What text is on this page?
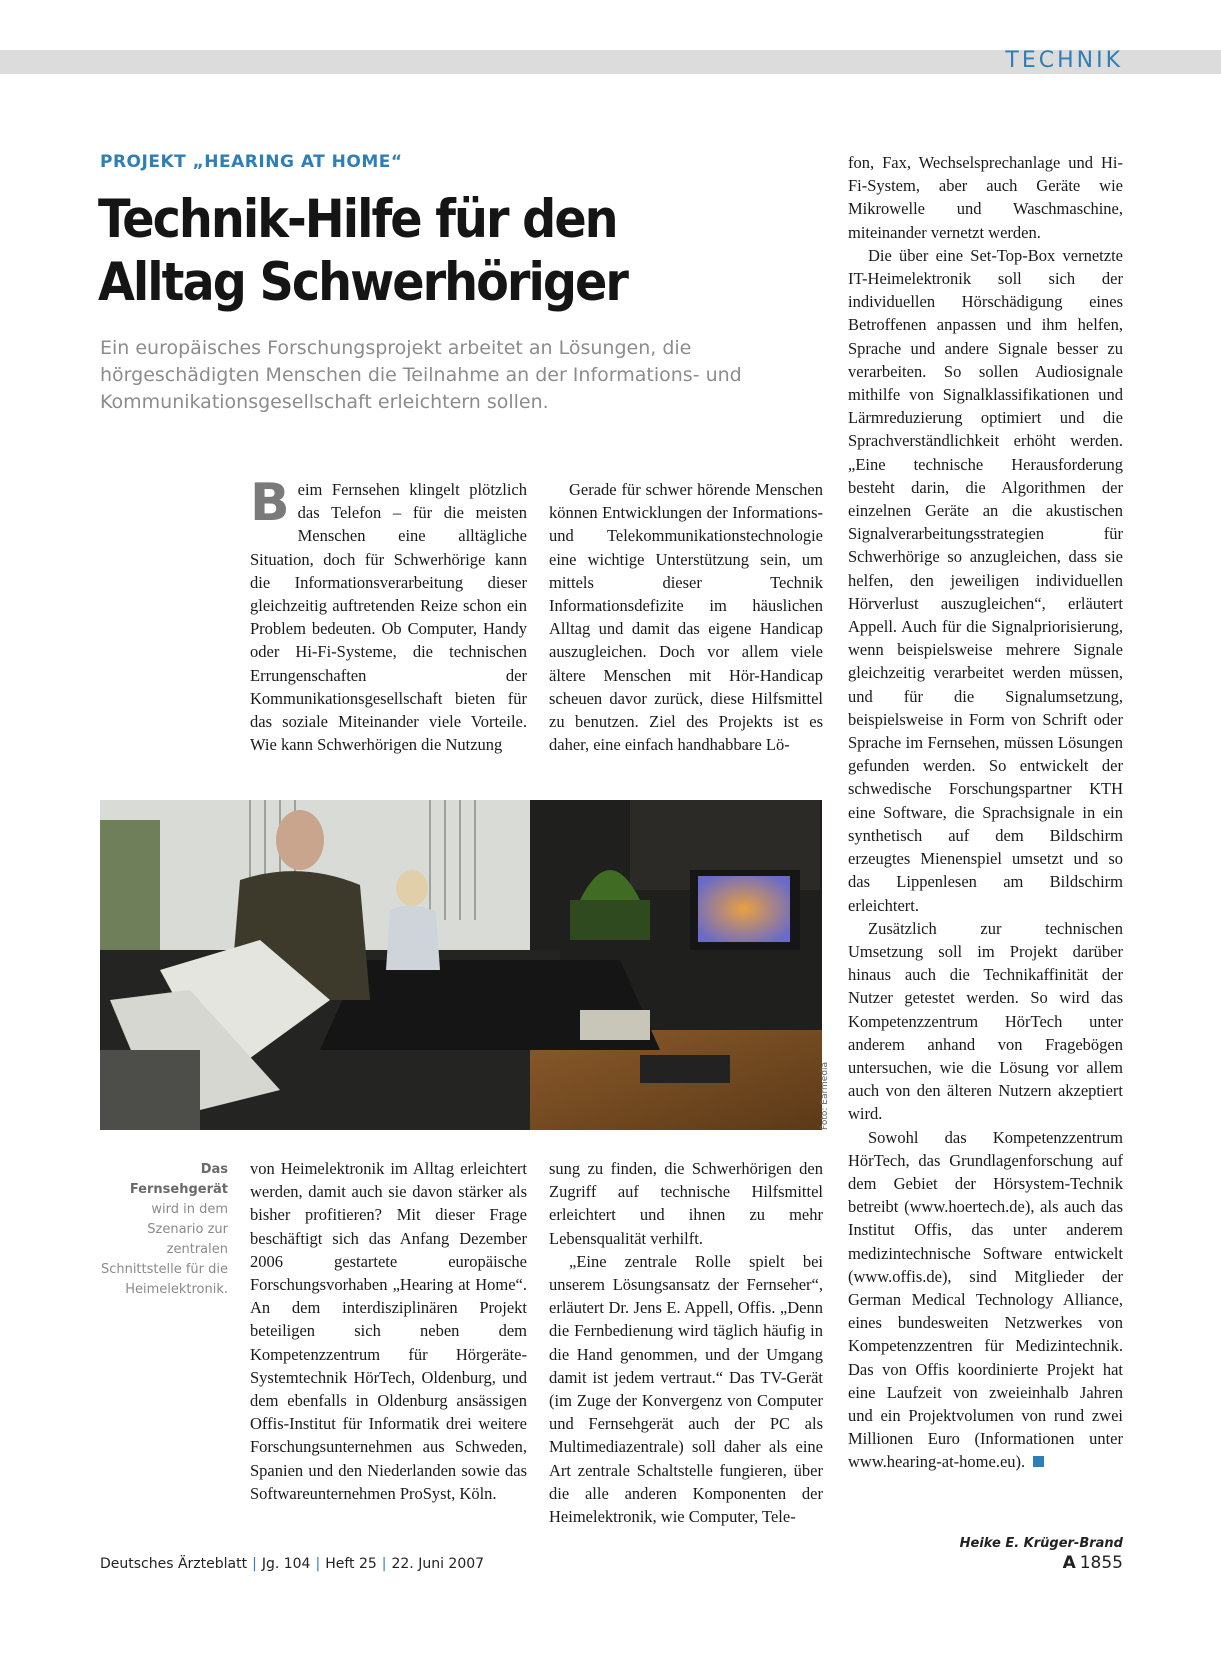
TECHNIK
PROJEKT „HEARING AT HOME“
Technik-Hilfe für den Alltag Schwerhöriger

Ein europäisches Forschungsprojekt arbeitet an Lösungen, die hörgeschädigten Menschen die Teilnahme an der Informations- und Kommunikationsgesellschaft erleichtern sollen.

B eim Fernsehen klingelt plötzlich das Telefon – für die meisten Menschen eine alltägliche Situation, doch für Schwerhörige kann die Informationsverarbeitung dieser gleichzeitig auftretenden Reize schon ein Problem bedeuten. Ob Computer, Handy oder Hi-Fi-Systeme, die technischen Errungenschaften der Kommunikationsgesellschaft bieten für das soziale Miteinander viele Vorteile. Wie kann Schwerhörigen die Nutzung

Gerade für schwer hörende Menschen können Entwicklungen der Informations- und Telekommunikationstechnologie eine wichtige Unterstützung sein, um mittels dieser Technik Informationsdefizite im häuslichen Alltag und damit das eigene Handicap auszugleichen. Doch vor allem viele ältere Menschen mit Hör-Handicap scheuen davor zurück, diese Hilfsmittel zu benutzen. Ziel des Projekts ist es daher, eine einfach handhabbare Lö-

fon, Fax, Wechselsprechanlage und Hi-Fi-System, aber auch Geräte wie Mikrowelle und Waschmaschine, miteinander vernetzt werden.

Die über eine Set-Top-Box vernetzte IT-Heimelektronik soll sich der individuellen Hörschädigung eines Betroffenen anpassen und ihm helfen, Sprache und andere Signale besser zu verarbeiten. So sollen Audiosignale mithilfe von Signalklassifikationen und Lärmreduzierung optimiert und die Sprachverständlichkeit erhöht werden. „Eine technische Herausforderung besteht darin, die Algorithmen der einzelnen Geräte an die akustischen Signalverarbeitungsstrategien für Schwerhörige so anzugleichen, dass sie helfen, den jeweiligen individuellen Hörverlust auszugleichen“, erläutert Appell. Auch für die Signalpriorisierung, wenn beispielsweise mehrere Signale gleichzeitig verarbeitet werden müssen, und für die Signalumsetzung, beispielsweise in Form von Schrift oder Sprache im Fernsehen, müssen Lösungen gefunden werden. So entwickelt der schwedische Forschungspartner KTH eine Software, die Sprachsignale in ein synthetisch auf dem Bildschirm erzeugtes Mienenspiel umsetzt und so das Lippenlesen am Bildschirm erleichtert.

Zusätzlich zur technischen Umsetzung soll im Projekt darüber hinaus auch die Technikaffinität der Nutzer getestet werden. So wird das Kompetenzzentrum HörTech unter anderem anhand von Fragebögen untersuchen, wie die Lösung vor allem auch von den älteren Nutzern akzeptiert wird.

Sowohl das Kompetenzzentrum HörTech, das Grundlagenforschung auf dem Gebiet der Hörsystem-Technik betreibt (www.hoertech.de), als auch das Institut Offis, das unter anderem medizintechnische Software entwickelt (www.offis.de), sind Mitglieder der German Medical Technology Alliance, eines bundesweiten Netzwerkes von Kompetenzzentren für Medizintechnik. Das von Offis koordinierte Projekt hat eine Laufzeit von zweieinhalb Jahren und ein Projektvolumen von rund zwei Millionen Euro (Informationen unter www.hearing-at-home.eu).

Foto: Earmedia
Das Fernsehgerät
wird in dem Szenario zur zentralen Schnittstelle für die Heimelektronik.

von Heimelektronik im Alltag erleichtert werden, damit auch sie davon stärker als bisher profitieren? Mit dieser Frage beschäftigt sich das Anfang Dezember 2006 gestartete europäische Forschungsvorhaben „Hearing at Home“. An dem interdisziplinären Projekt beteiligen sich neben dem Kompetenzzentrum für Hörgeräte-Systemtechnik HörTech, Oldenburg, und dem ebenfalls in Oldenburg ansässigen Offis-Institut für Informatik drei weitere Forschungsunternehmen aus Schweden, Spanien und den Niederlanden sowie das Softwareunternehmen ProSyst, Köln.

sung zu finden, die Schwerhörigen den Zugriff auf technische Hilfsmittel erleichtert und ihnen zu mehr Lebensqualität verhilft.

„Eine zentrale Rolle spielt bei unserem Lösungsansatz der Fernseher“, erläutert Dr. Jens E. Appell, Offis. „Denn die Fernbedienung wird täglich häufig in die Hand genommen, und der Umgang damit ist jedem vertraut.“ Das TV-Gerät (im Zuge der Konvergenz von Computer und Fernsehgerät auch der PC als Multimediazentrale) soll daher als eine Art zentrale Schaltstelle fungieren, über die alle anderen Komponenten der Heimelektronik, wie Computer, Tele-

Heike E. Krüger-Brand
Deutsches Ärzteblatt | Jg. 104 | Heft 25 | 22. Juni 2007	A 1855
